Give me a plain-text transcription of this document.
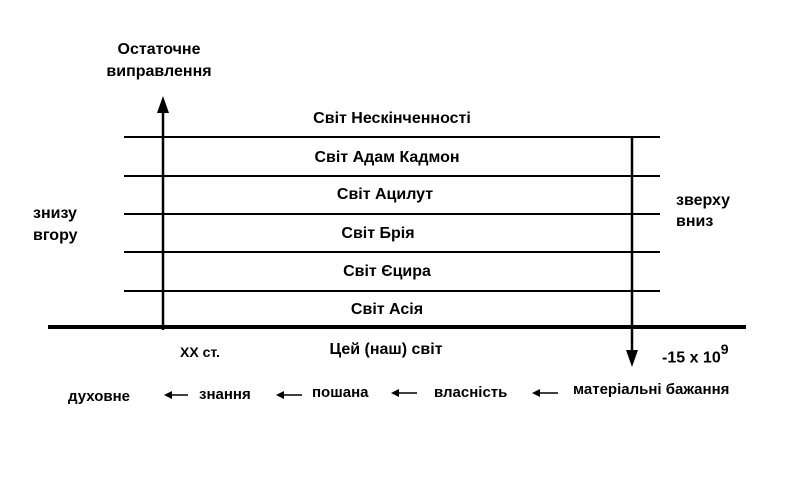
Остаточне
виправлення
знизу
вгору
зверху
вниз
Світ Нескінченності
Світ Адам Кадмон
Світ Ацилут
Світ Брія
Світ Єцира
Світ Асія
XX ст.	Цей (наш) світ	-15 x $10^9$
духовне	знання	пошана	власність	матеріальні бажання
